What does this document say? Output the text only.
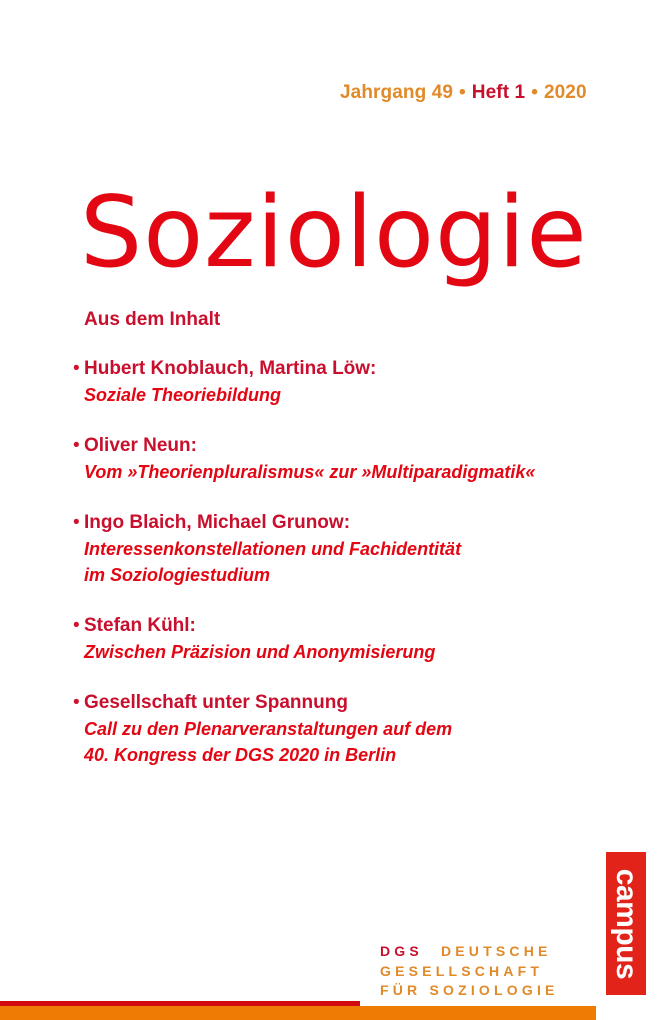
Jahrgang 49 • Heft 1 • 2020
Soziologie
Aus dem Inhalt
• Hubert Knoblauch, Martina Löw:
Soziale Theoriebildung
• Oliver Neun:
Vom »Theorienpluralismus« zur »Multiparadigmatik«
• Ingo Blaich, Michael Grunow:
Interessenkonstellationen und Fachidentität
im Soziologiestudium
• Stefan Kühl:
Zwischen Präzision und Anonymisierung
• Gesellschaft unter Spannung
Call zu den Plenarveranstaltungen auf dem
40. Kongress der DGS 2020 in Berlin
DGS DEUTSCHE
GESELLSCHAFT
FÜR SOZIOLOGIE
campus
